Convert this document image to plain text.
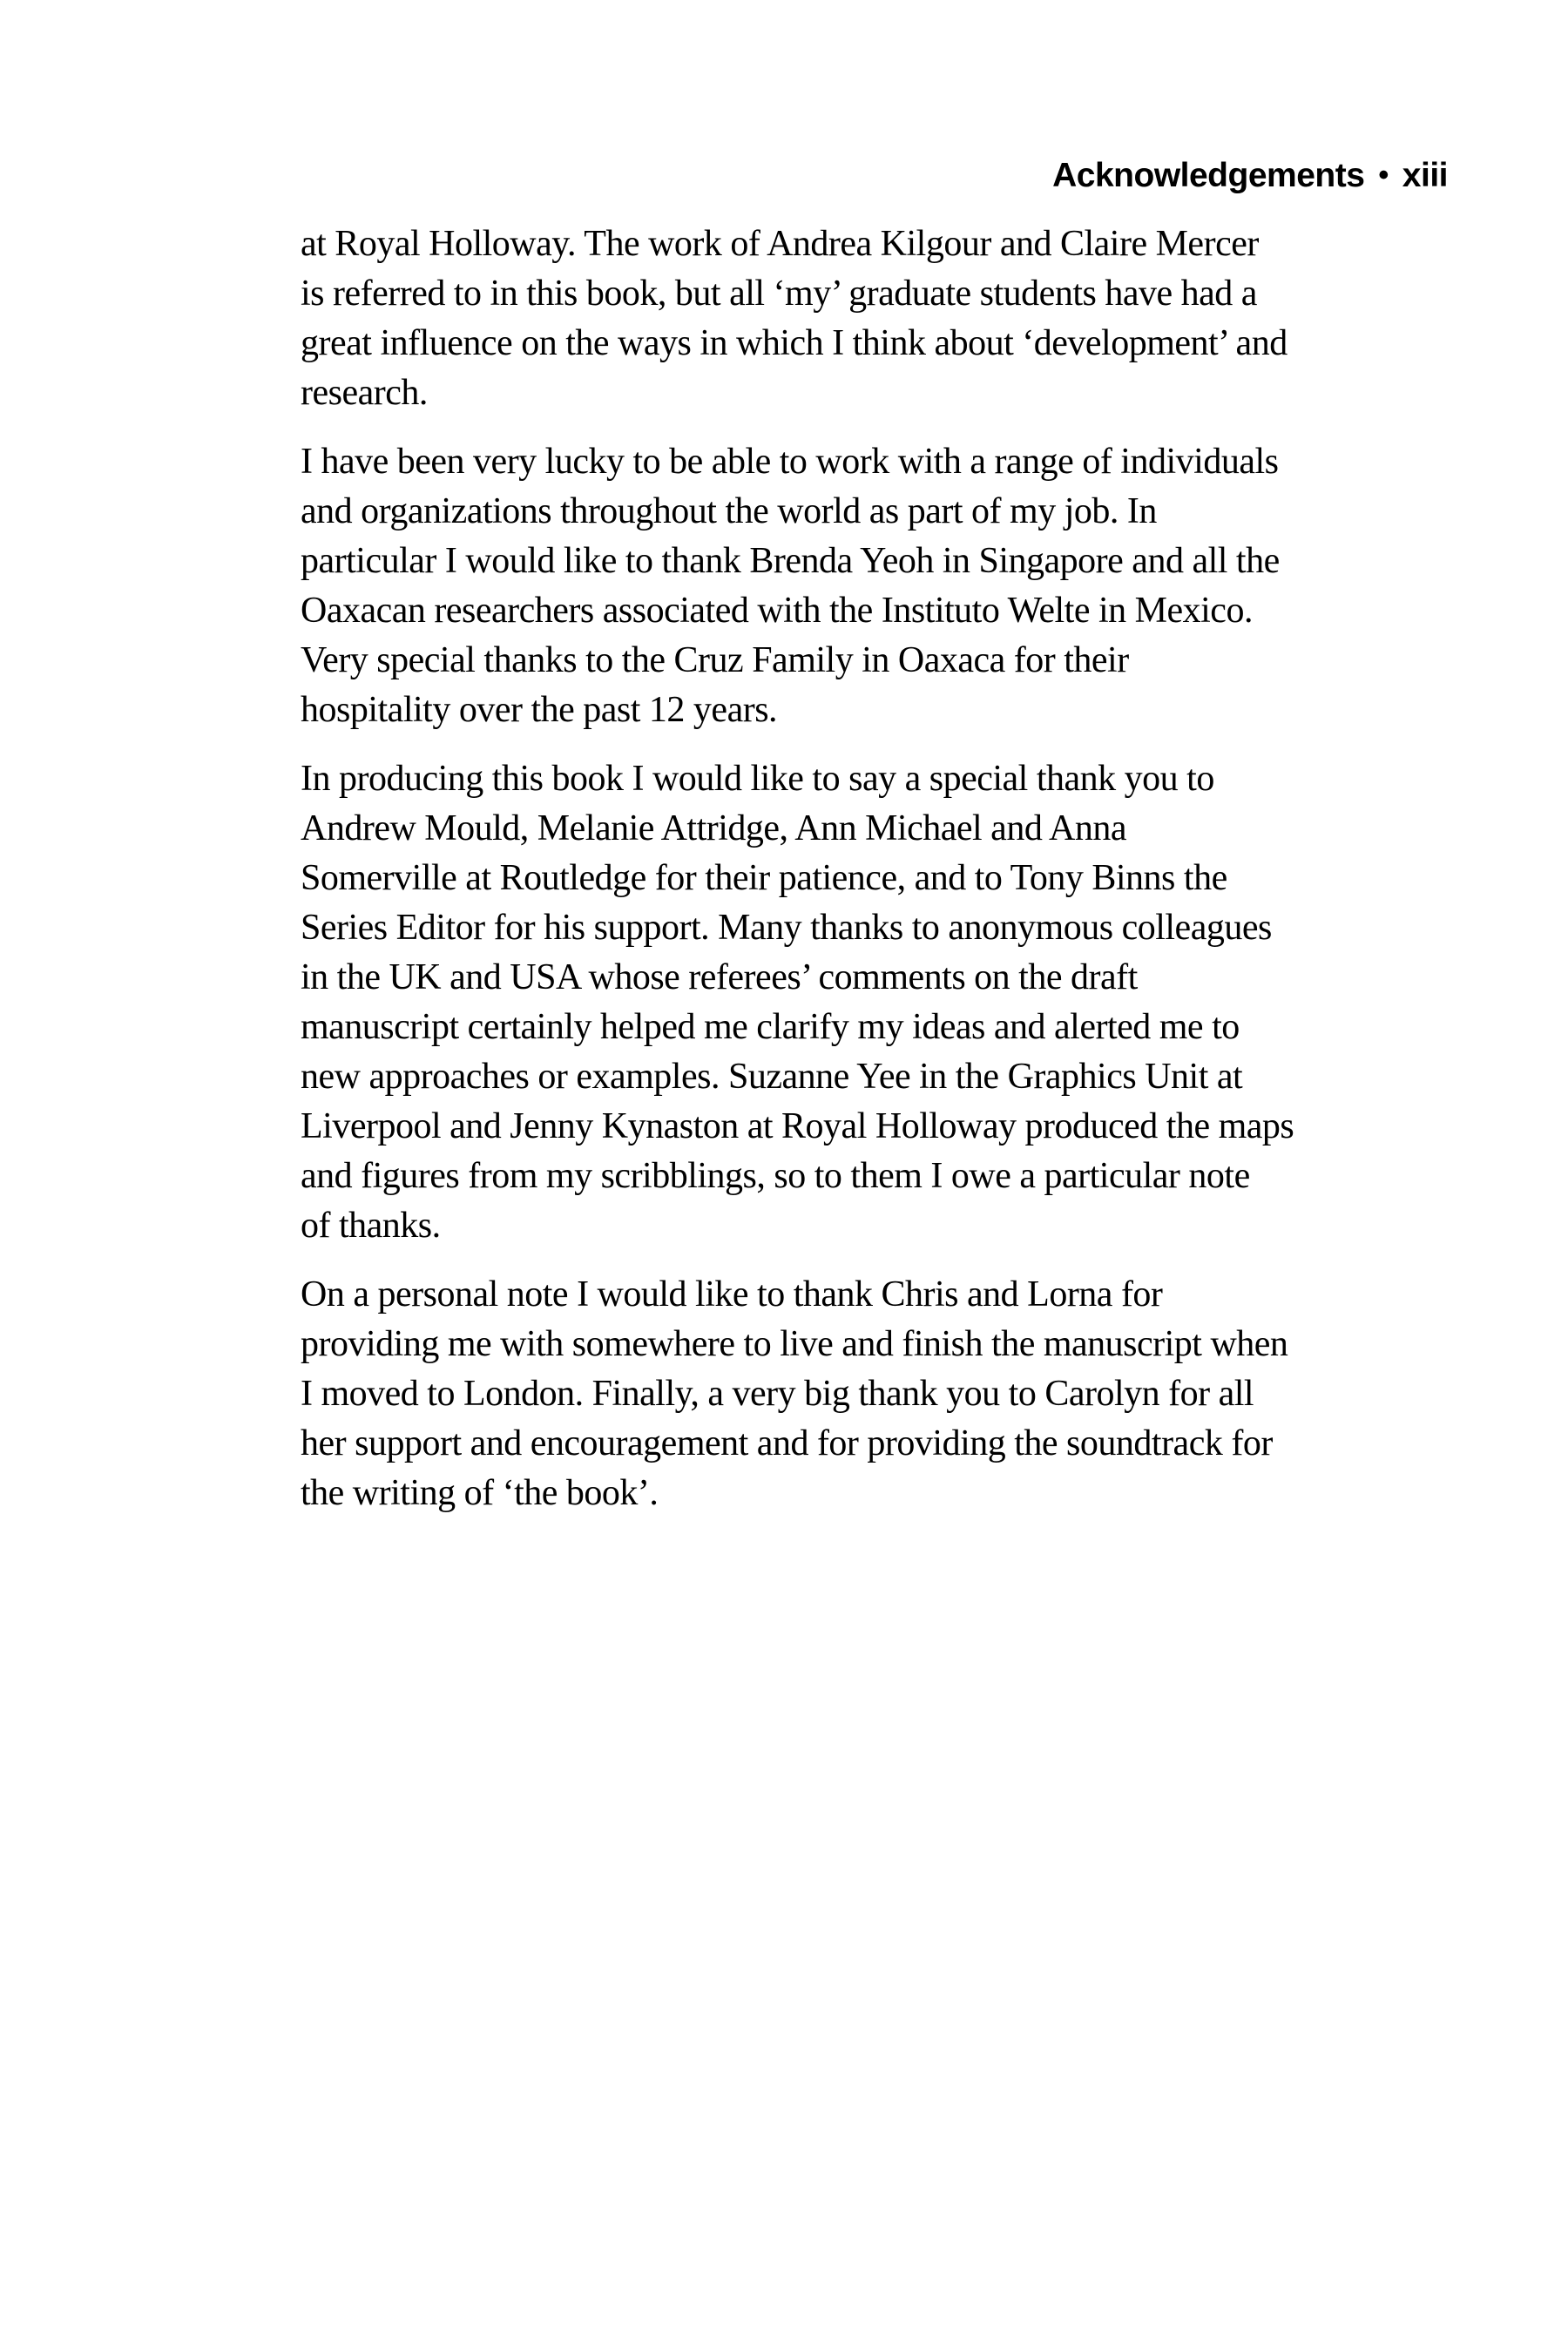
Acknowledgements • xiii
at Royal Holloway. The work of Andrea Kilgour and Claire Mercer
is referred to in this book, but all ‘my’ graduate students have had a
great influence on the ways in which I think about ‘development’ and
research.
I have been very lucky to be able to work with a range of individuals
and organizations throughout the world as part of my job. In
particular I would like to thank Brenda Yeoh in Singapore and all the
Oaxacan researchers associated with the Instituto Welte in Mexico.
Very special thanks to the Cruz Family in Oaxaca for their
hospitality over the past 12 years.
In producing this book I would like to say a special thank you to
Andrew Mould, Melanie Attridge, Ann Michael and Anna
Somerville at Routledge for their patience, and to Tony Binns the
Series Editor for his support. Many thanks to anonymous colleagues
in the UK and USA whose referees’ comments on the draft
manuscript certainly helped me clarify my ideas and alerted me to
new approaches or examples. Suzanne Yee in the Graphics Unit at
Liverpool and Jenny Kynaston at Royal Holloway produced the maps
and figures from my scribblings, so to them I owe a particular note
of thanks.
On a personal note I would like to thank Chris and Lorna for
providing me with somewhere to live and finish the manuscript when
I moved to London. Finally, a very big thank you to Carolyn for all
her support and encouragement and for providing the soundtrack for
the writing of ‘the book’.
